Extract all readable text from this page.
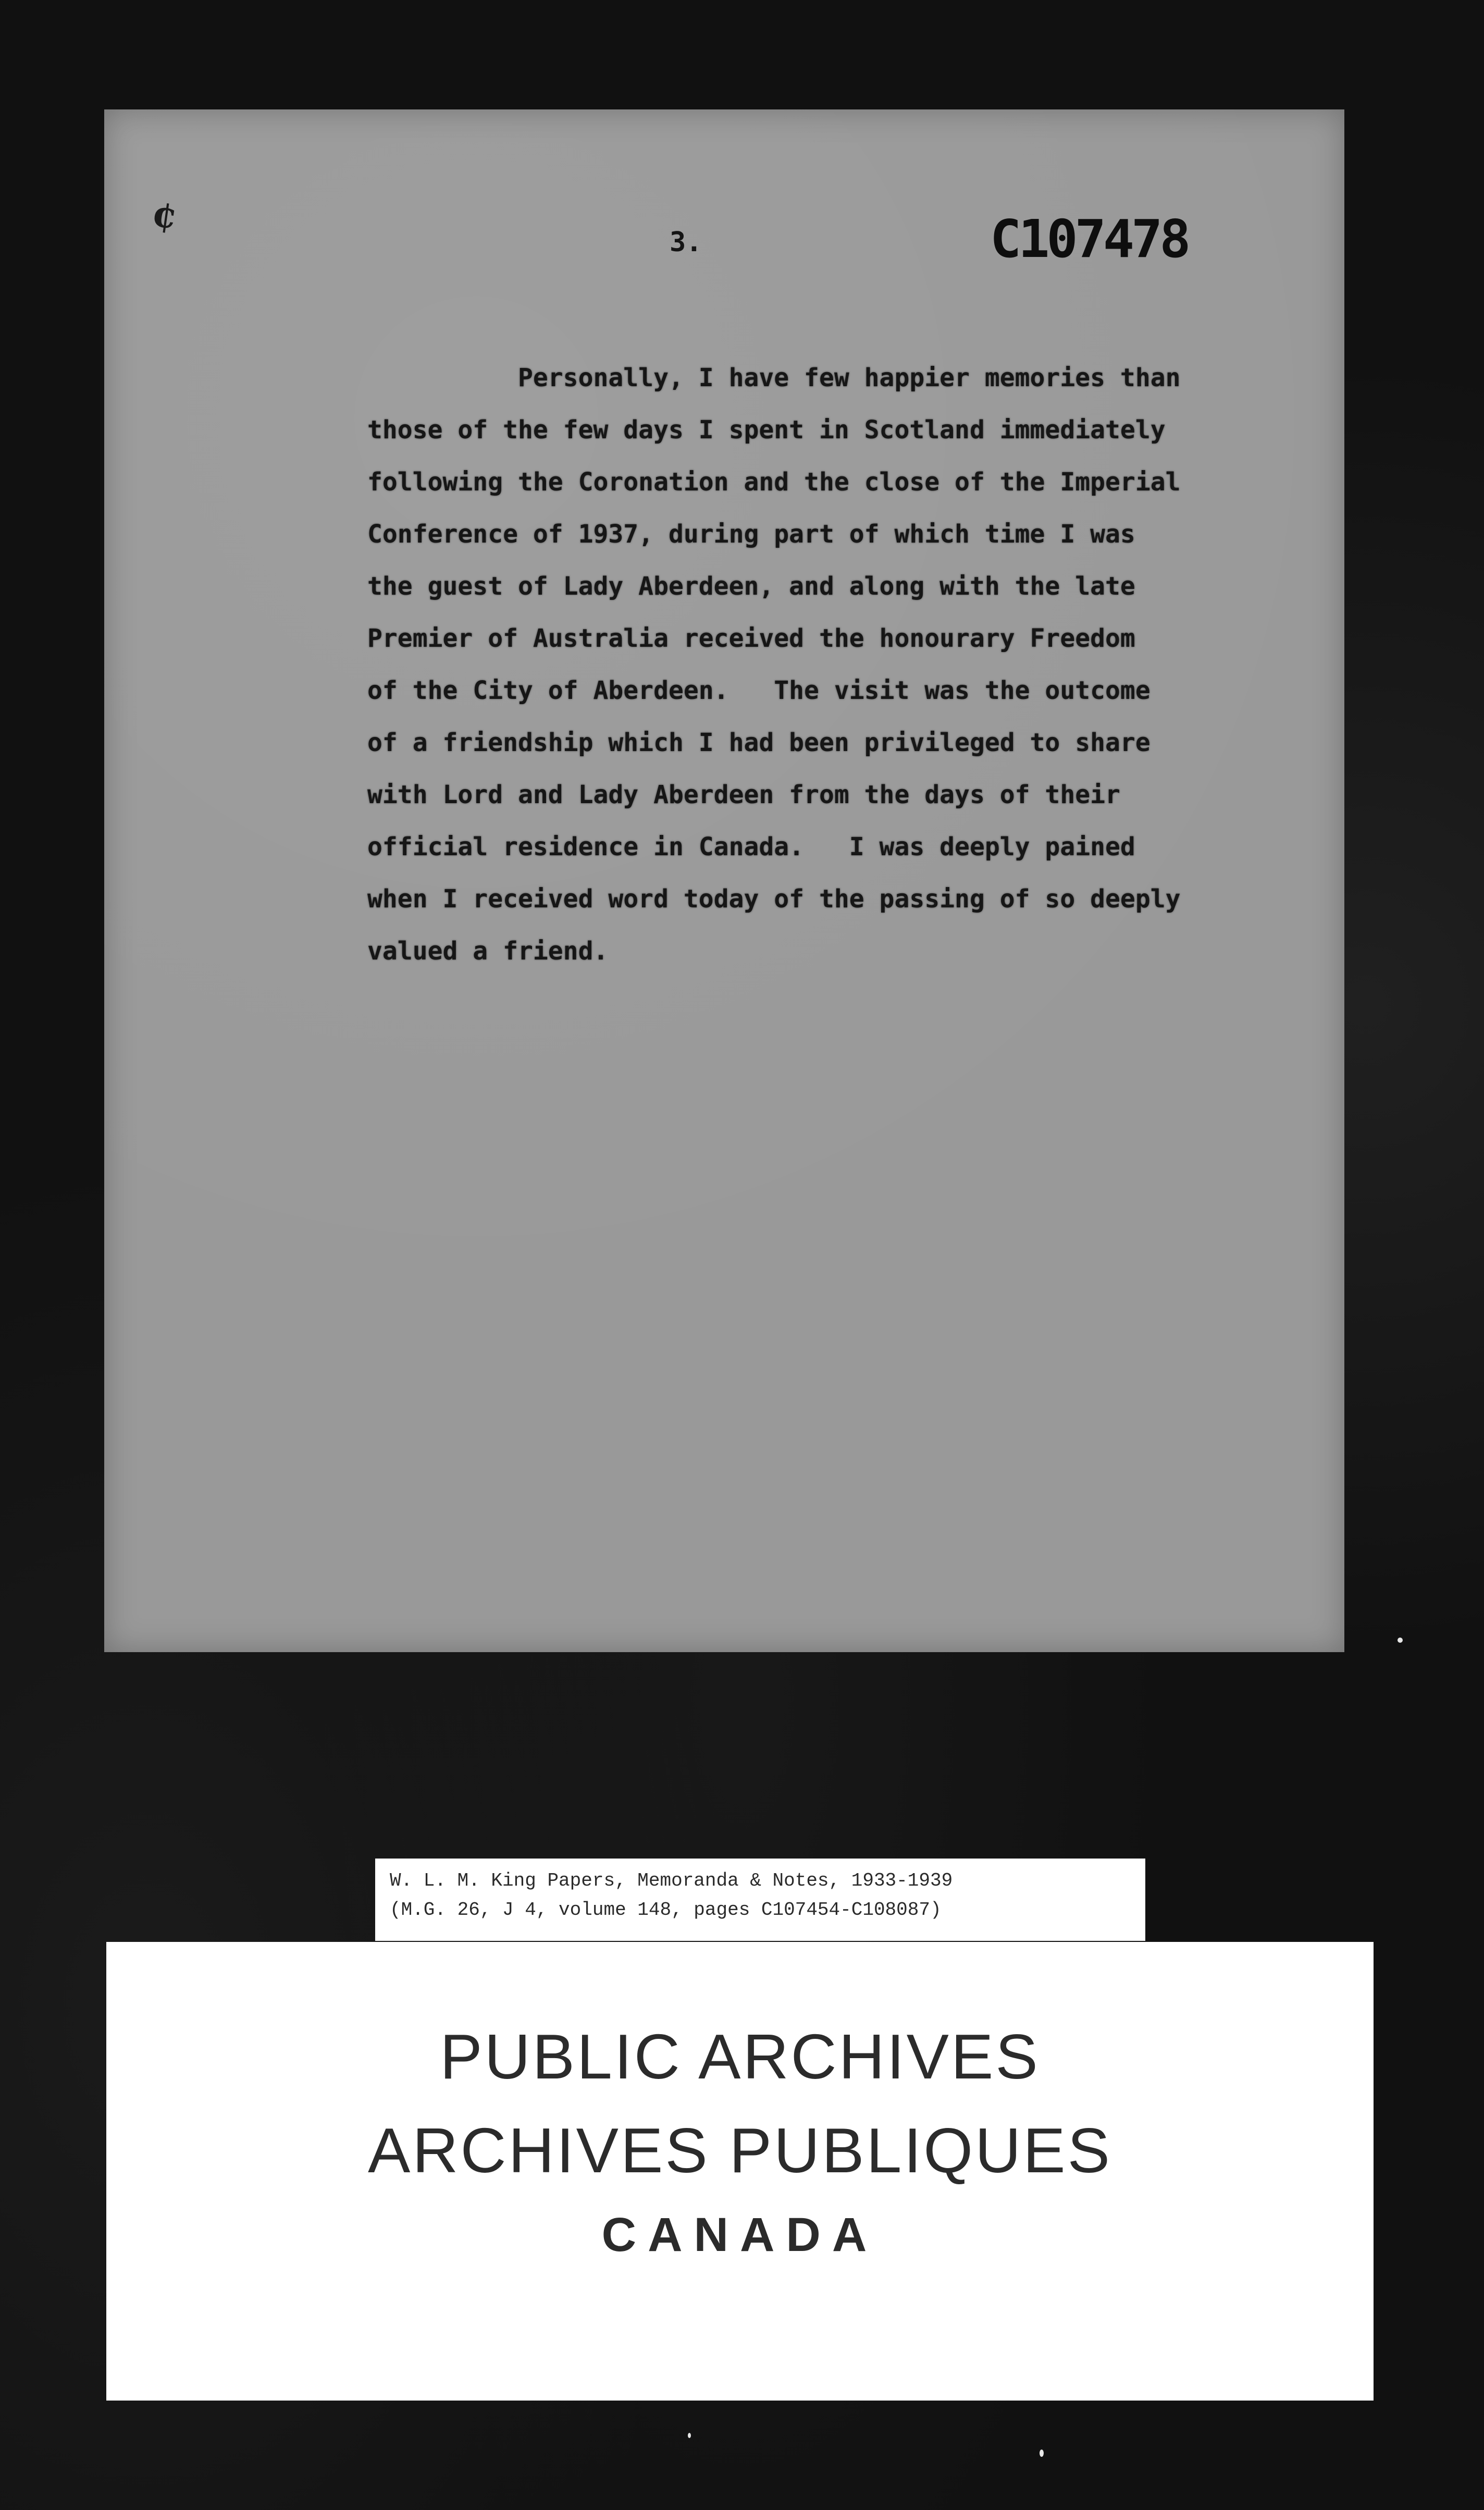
¢
3.	C107478
Personally, I have few happier memories than
those of the few days I spent in Scotland immediately
following the Coronation and the close of the Imperial
Conference of 1937, during part of which time I was
the guest of Lady Aberdeen, and along with the late
Premier of Australia received the honourary Freedom
of the City of Aberdeen.   The visit was the outcome
of a friendship which I had been privileged to share
with Lord and Lady Aberdeen from the days of their
official residence in Canada.   I was deeply pained
when I received word today of the passing of so deeply
valued a friend.
W. L. M. King Papers, Memoranda & Notes, 1933-1939
(M.G. 26, J 4, volume 148, pages C107454-C108087)
PUBLIC ARCHIVES
ARCHIVES PUBLIQUES
CANADA
